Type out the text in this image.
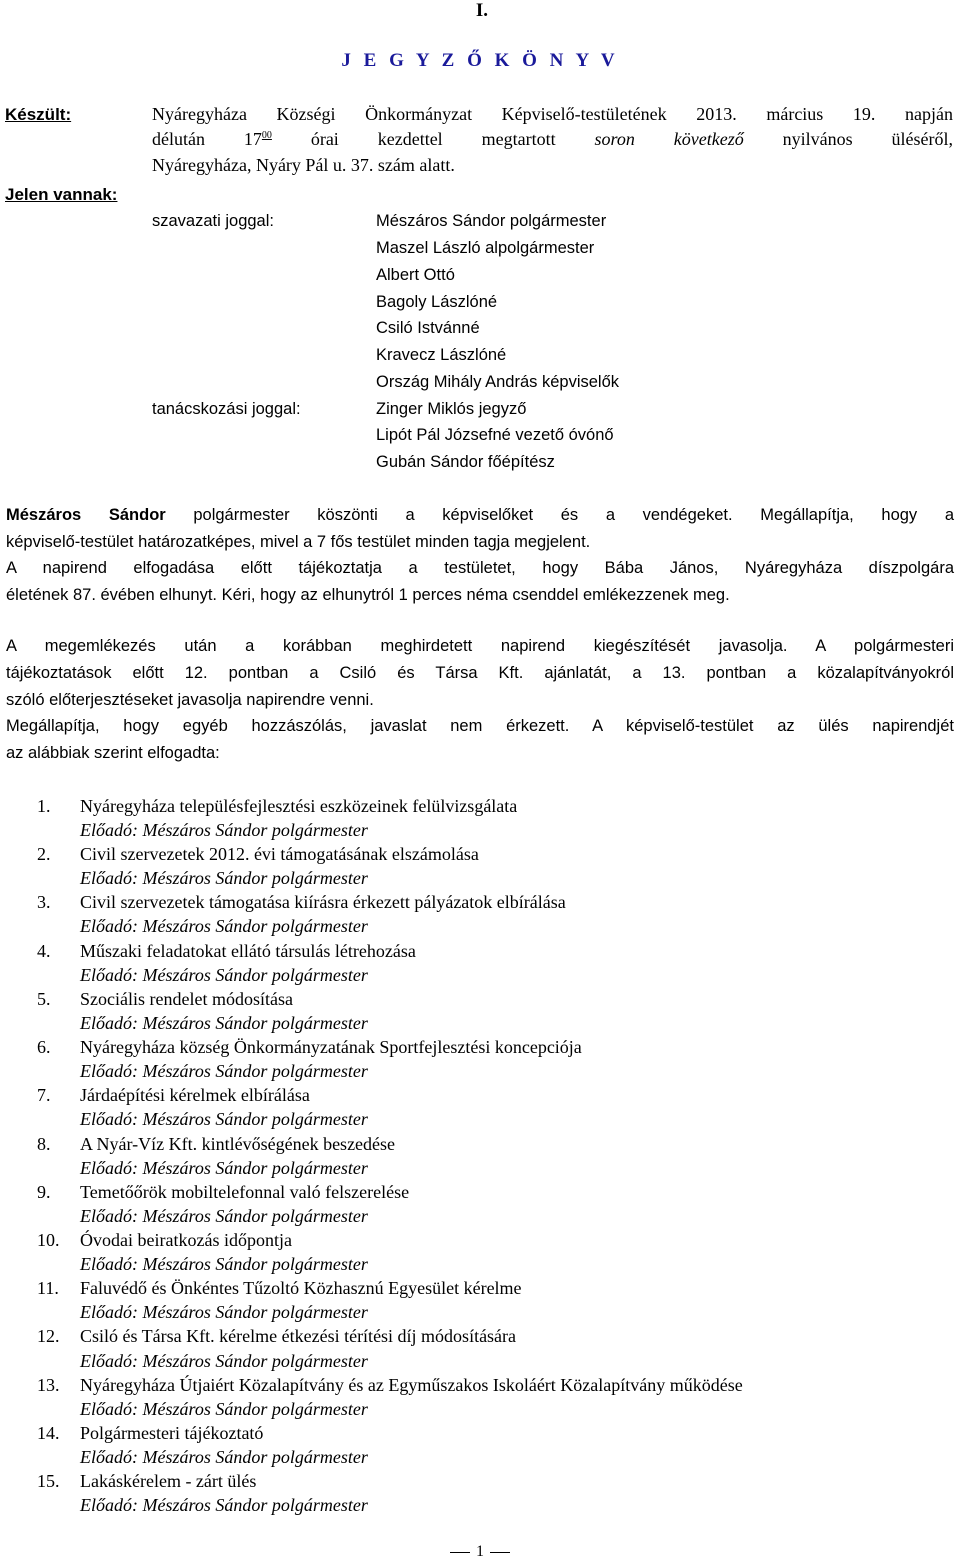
I.
J E G Y Z Ő K Ö N Y V
Készült:	Nyáregyháza Községi Önkormányzat Képviselő-testületének 2013. március 19. napján
délután $17^{00}$ órai kezdettel megtartott soron következő nyilvános üléséről,
Nyáregyháza, Nyáry Pál u. 37. szám alatt.
Jelen vannak:
szavazati joggal:
tanácskozási joggal:
Mészáros Sándor polgármester
Maszel László alpolgármester
Albert Ottó
Bagoly Lászlóné
Csiló Istvánné
Kravecz Lászlóné
Ország Mihály András képviselők
Zinger Miklós jegyző
Lipót Pál Józsefné vezető óvónő
Gubán Sándor főépítész
Mészáros Sándor polgármester köszönti a képviselőket és a vendégeket. Megállapítja, hogy a
képviselő-testület határozatképes, mivel a 7 fős testület minden tagja megjelent.
A napirend elfogadása előtt tájékoztatja a testületet, hogy Bába János, Nyáregyháza díszpolgára
életének 87. évében elhunyt. Kéri, hogy az elhunytról 1 perces néma csenddel emlékezzenek meg.
A megemlékezés után a korábban meghirdetett napirend kiegészítését javasolja. A polgármesteri
tájékoztatások előtt 12. pontban a Csiló és Társa Kft. ajánlatát, a 13. pontban a közalapítványokról
szóló előterjesztéseket javasolja napirendre venni.
Megállapítja, hogy egyéb hozzászólás, javaslat nem érkezett. A képviselő-testület az ülés napirendjét
az alábbiak szerint elfogadta:
1. Nyáregyháza településfejlesztési eszközeinek felülvizsgálata
Előadó: Mészáros Sándor polgármester
2. Civil szervezetek 2012. évi támogatásának elszámolása
Előadó: Mészáros Sándor polgármester
3. Civil szervezetek támogatása kiírásra érkezett pályázatok elbírálása
Előadó: Mészáros Sándor polgármester
4. Műszaki feladatokat ellátó társulás létrehozása
Előadó: Mészáros Sándor polgármester
5. Szociális rendelet módosítása
Előadó: Mészáros Sándor polgármester
6. Nyáregyháza község Önkormányzatának Sportfejlesztési koncepciója
Előadó: Mészáros Sándor polgármester
7. Járdaépítési kérelmek elbírálása
Előadó: Mészáros Sándor polgármester
8. A Nyár-Víz Kft. kintlévőségének beszedése
Előadó: Mészáros Sándor polgármester
9. Temetőőrök mobiltelefonnal való felszerelése
Előadó: Mészáros Sándor polgármester
10. Óvodai beiratkozás időpontja
Előadó: Mészáros Sándor polgármester
11. Faluvédő és Önkéntes Tűzoltó Közhasznú Egyesület kérelme
Előadó: Mészáros Sándor polgármester
12. Csiló és Társa Kft. kérelme étkezési térítési díj módosítására
Előadó: Mészáros Sándor polgármester
13. Nyáregyháza Útjaiért Közalapítvány és az Egyműszakos Iskoláért Közalapítvány működése
Előadó: Mészáros Sándor polgármester
14. Polgármesteri tájékoztató
Előadó: Mészáros Sándor polgármester
15. Lakáskérelem - zárt ülés
Előadó: Mészáros Sándor polgármester
1
